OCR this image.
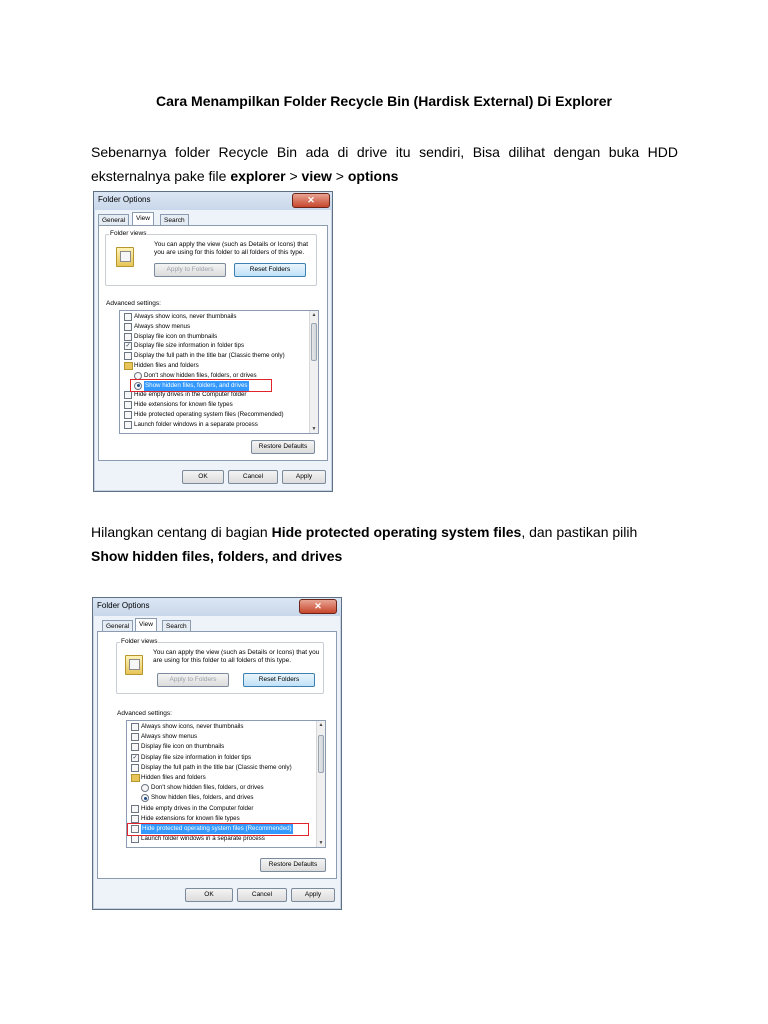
Cara Menampilkan Folder Recycle Bin (Hardisk External) Di Explorer
Sebenarnya folder Recycle Bin ada di drive itu sendiri, Bisa dilihat dengan buka HDD eksternalnya pake file explorer > view > options
Folder Options	✕
General	View	Search
Folder views
You can apply the view (such as Details or Icons) that you are using for this folder to all folders of this type.
Apply to Folders	Reset Folders
Advanced settings:
▲
▼
Always show icons, never thumbnails
Always show menus
Display file icon on thumbnails
✓ Display file size information in folder tips
Display the full path in the title bar (Classic theme only)
Hidden files and folders
Don't show hidden files, folders, or drives
Show hidden files, folders, and drives
Hide empty drives in the Computer folder
Hide extensions for known file types
Hide protected operating system files (Recommended)
Launch folder windows in a separate process
Restore Defaults
OK	Cancel	Apply
Hilangkan centang di bagian Hide protected operating system files, dan pastikan pilih Show hidden files, folders, and drives
Folder Options	✕
General	View	Search
Folder views
You can apply the view (such as Details or Icons) that you are using for this folder to all folders of this type.
Apply to Folders	Reset Folders
Advanced settings:
▲
▼
Always show icons, never thumbnails
Always show menus
Display file icon on thumbnails
✓ Display file size information in folder tips
Display the full path in the title bar (Classic theme only)
Hidden files and folders
Don't show hidden files, folders, or drives
Show hidden files, folders, and drives
Hide empty drives in the Computer folder
Hide extensions for known file types
Hide protected operating system files (Recommended)
Launch folder windows in a separate process
Restore Defaults
OK	Cancel	Apply
